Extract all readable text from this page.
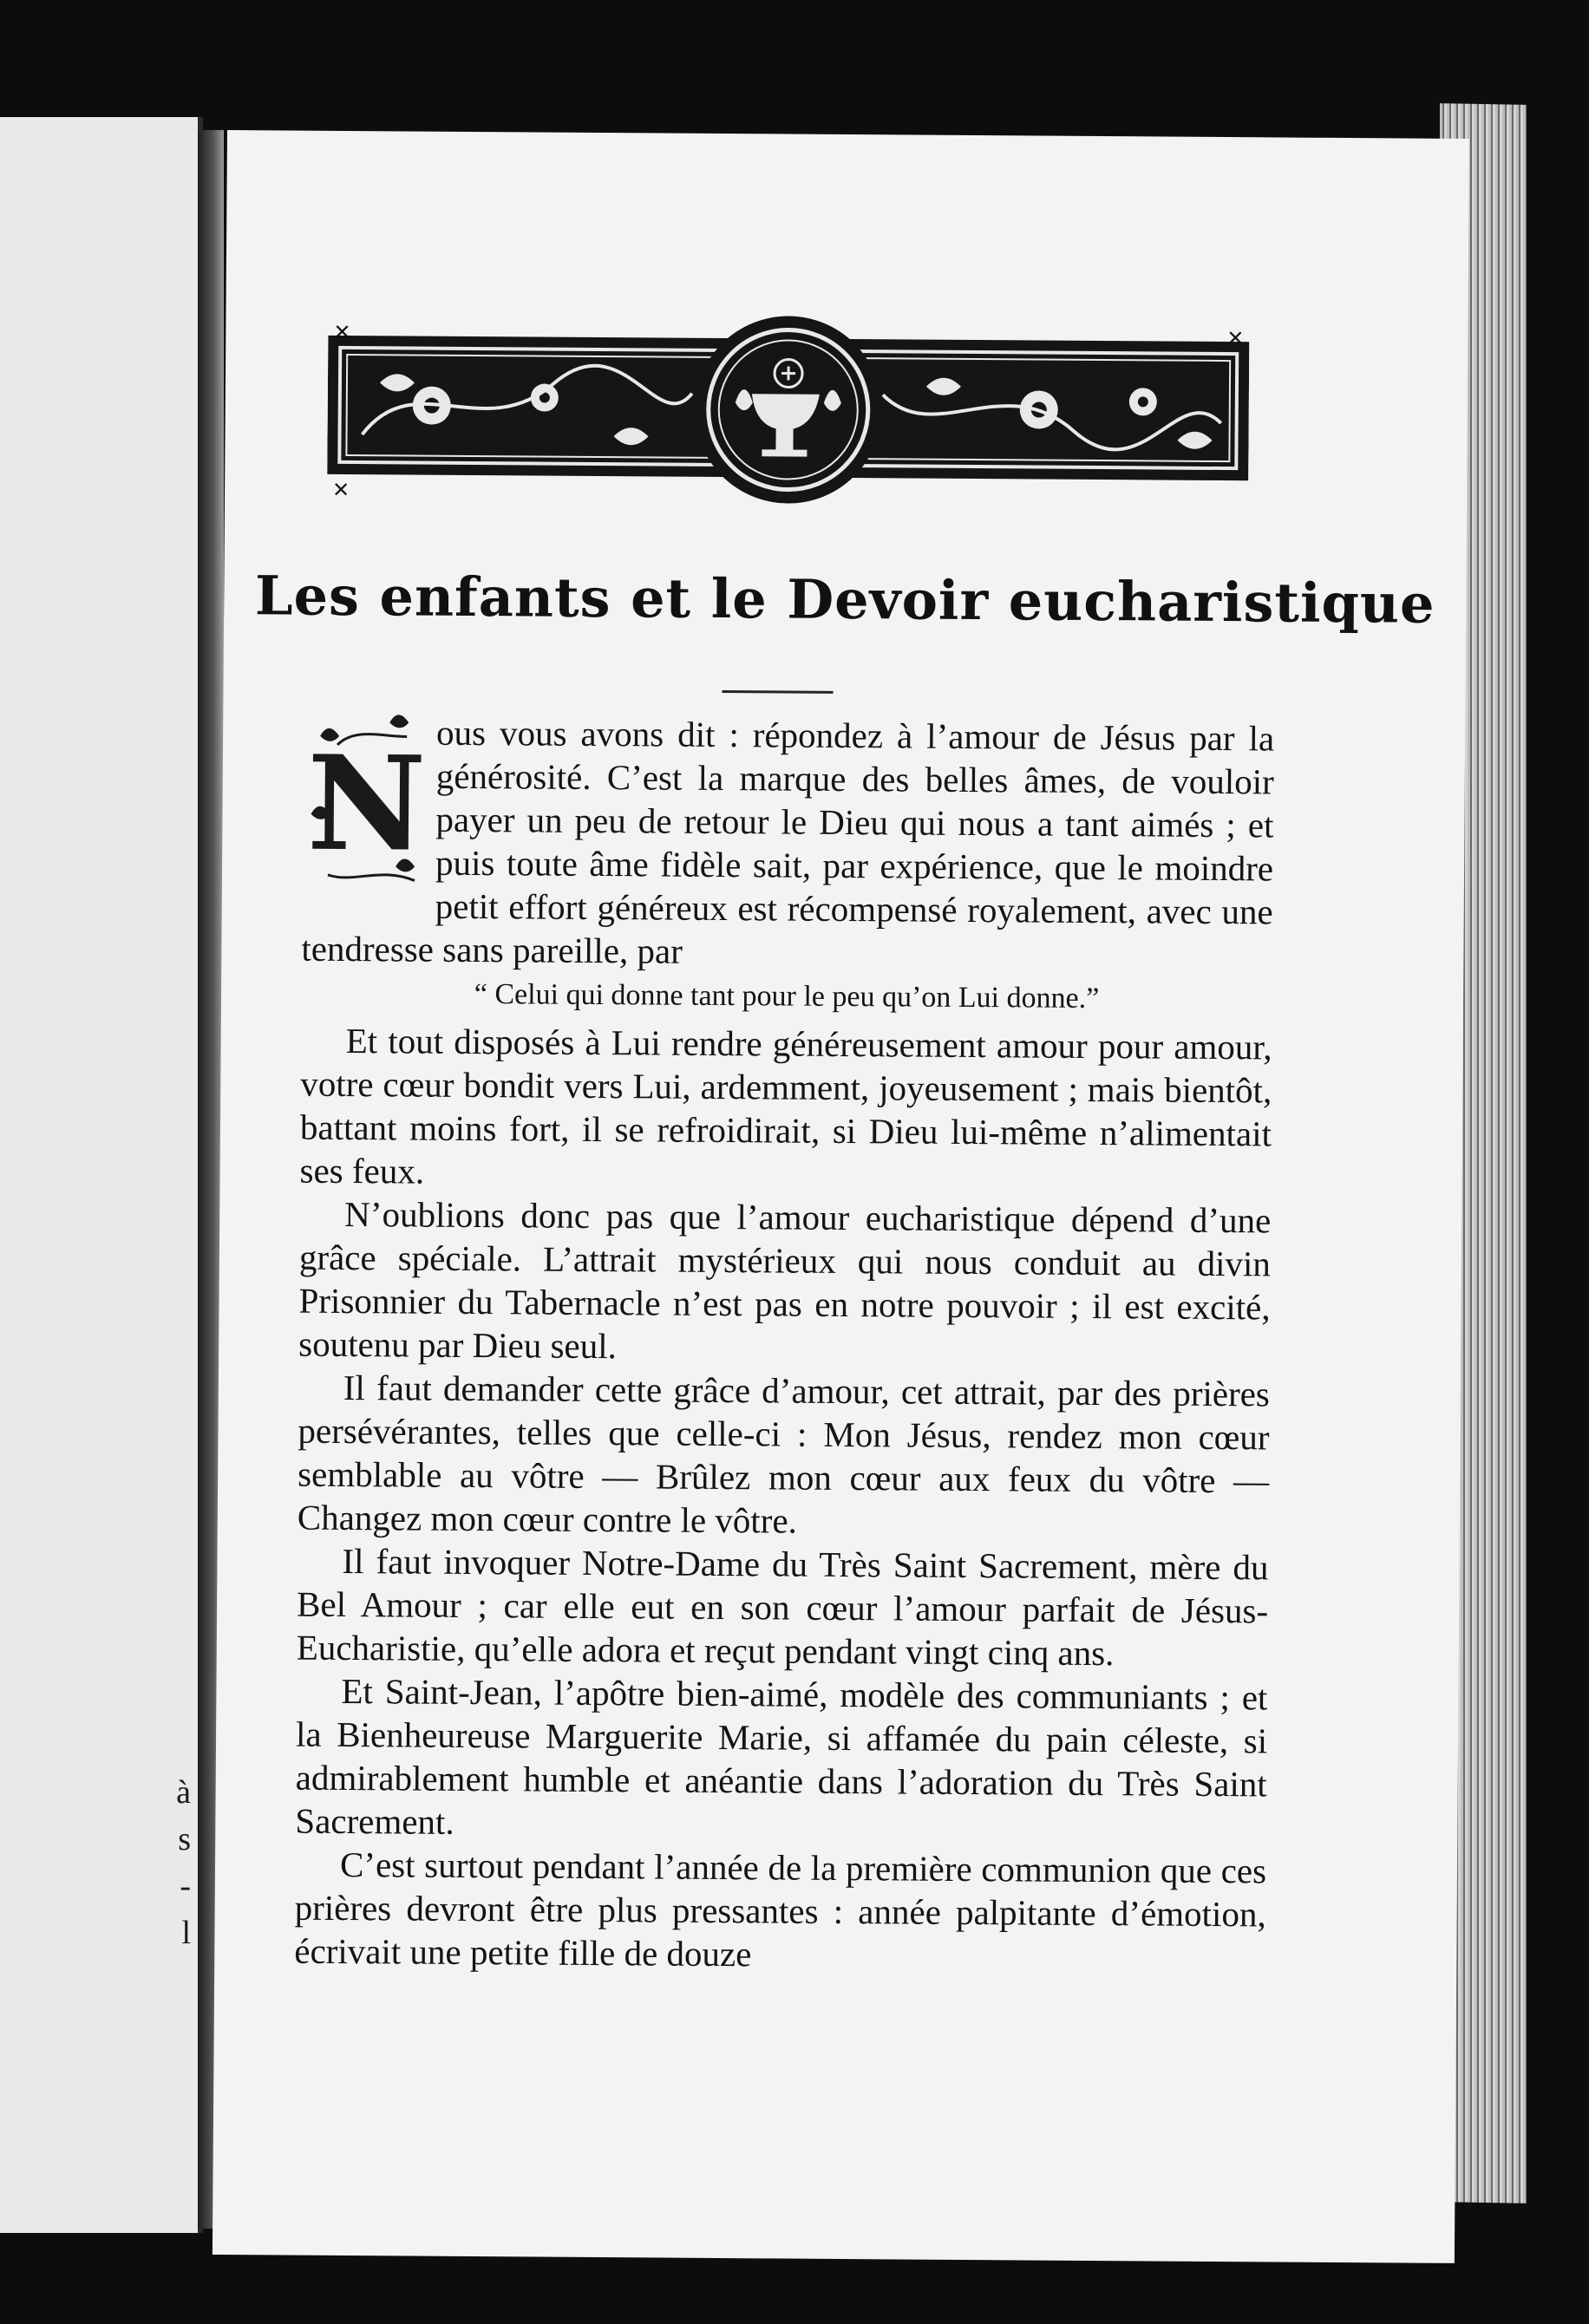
à
s
-
l
✕	✕
✕
Les enfants et le Devoir eucharistique

N ous vous avons dit : répondez à l’amour de Jésus par la générosité. C’est la marque des belles âmes, de vouloir payer un peu de retour le Dieu qui nous a tant aimés ; et puis toute âme fidèle sait, par expérience, que le moindre petit effort généreux est récompensé royalement, avec une tendresse sans pareille, par

“ Celui qui donne tant pour le peu qu’on Lui donne.”

Et tout disposés à Lui rendre généreusement amour pour amour, votre cœur bondit vers Lui, ardemment, joyeusement ; mais bientôt, battant moins fort, il se refroidirait, si Dieu lui-même n’alimentait ses feux.

N’oublions donc pas que l’amour eucharistique dépend d’une grâce spéciale. L’attrait mystérieux qui nous conduit au divin Prisonnier du Tabernacle n’est pas en notre pouvoir ; il est excité, soutenu par Dieu seul.

Il faut demander cette grâce d’amour, cet attrait, par des prières persévérantes, telles que celle-ci : Mon Jésus, rendez mon cœur semblable au vôtre — Brûlez mon cœur aux feux du vôtre — Changez mon cœur contre le vôtre.

Il faut invoquer Notre-Dame du Très Saint Sacrement, mère du Bel Amour ; car elle eut en son cœur l’amour parfait de Jésus-Eucharistie, qu’elle adora et reçut pendant vingt cinq ans.

Et Saint-Jean, l’apôtre bien-aimé, modèle des communiants ; et la Bienheureuse Marguerite Marie, si affamée du pain céleste, si admirablement humble et anéantie dans l’adoration du Très Saint Sacrement.

C’est surtout pendant l’année de la première communion que ces prières devront être plus pressantes : année palpitante d’émotion, écrivait une petite fille de douze
